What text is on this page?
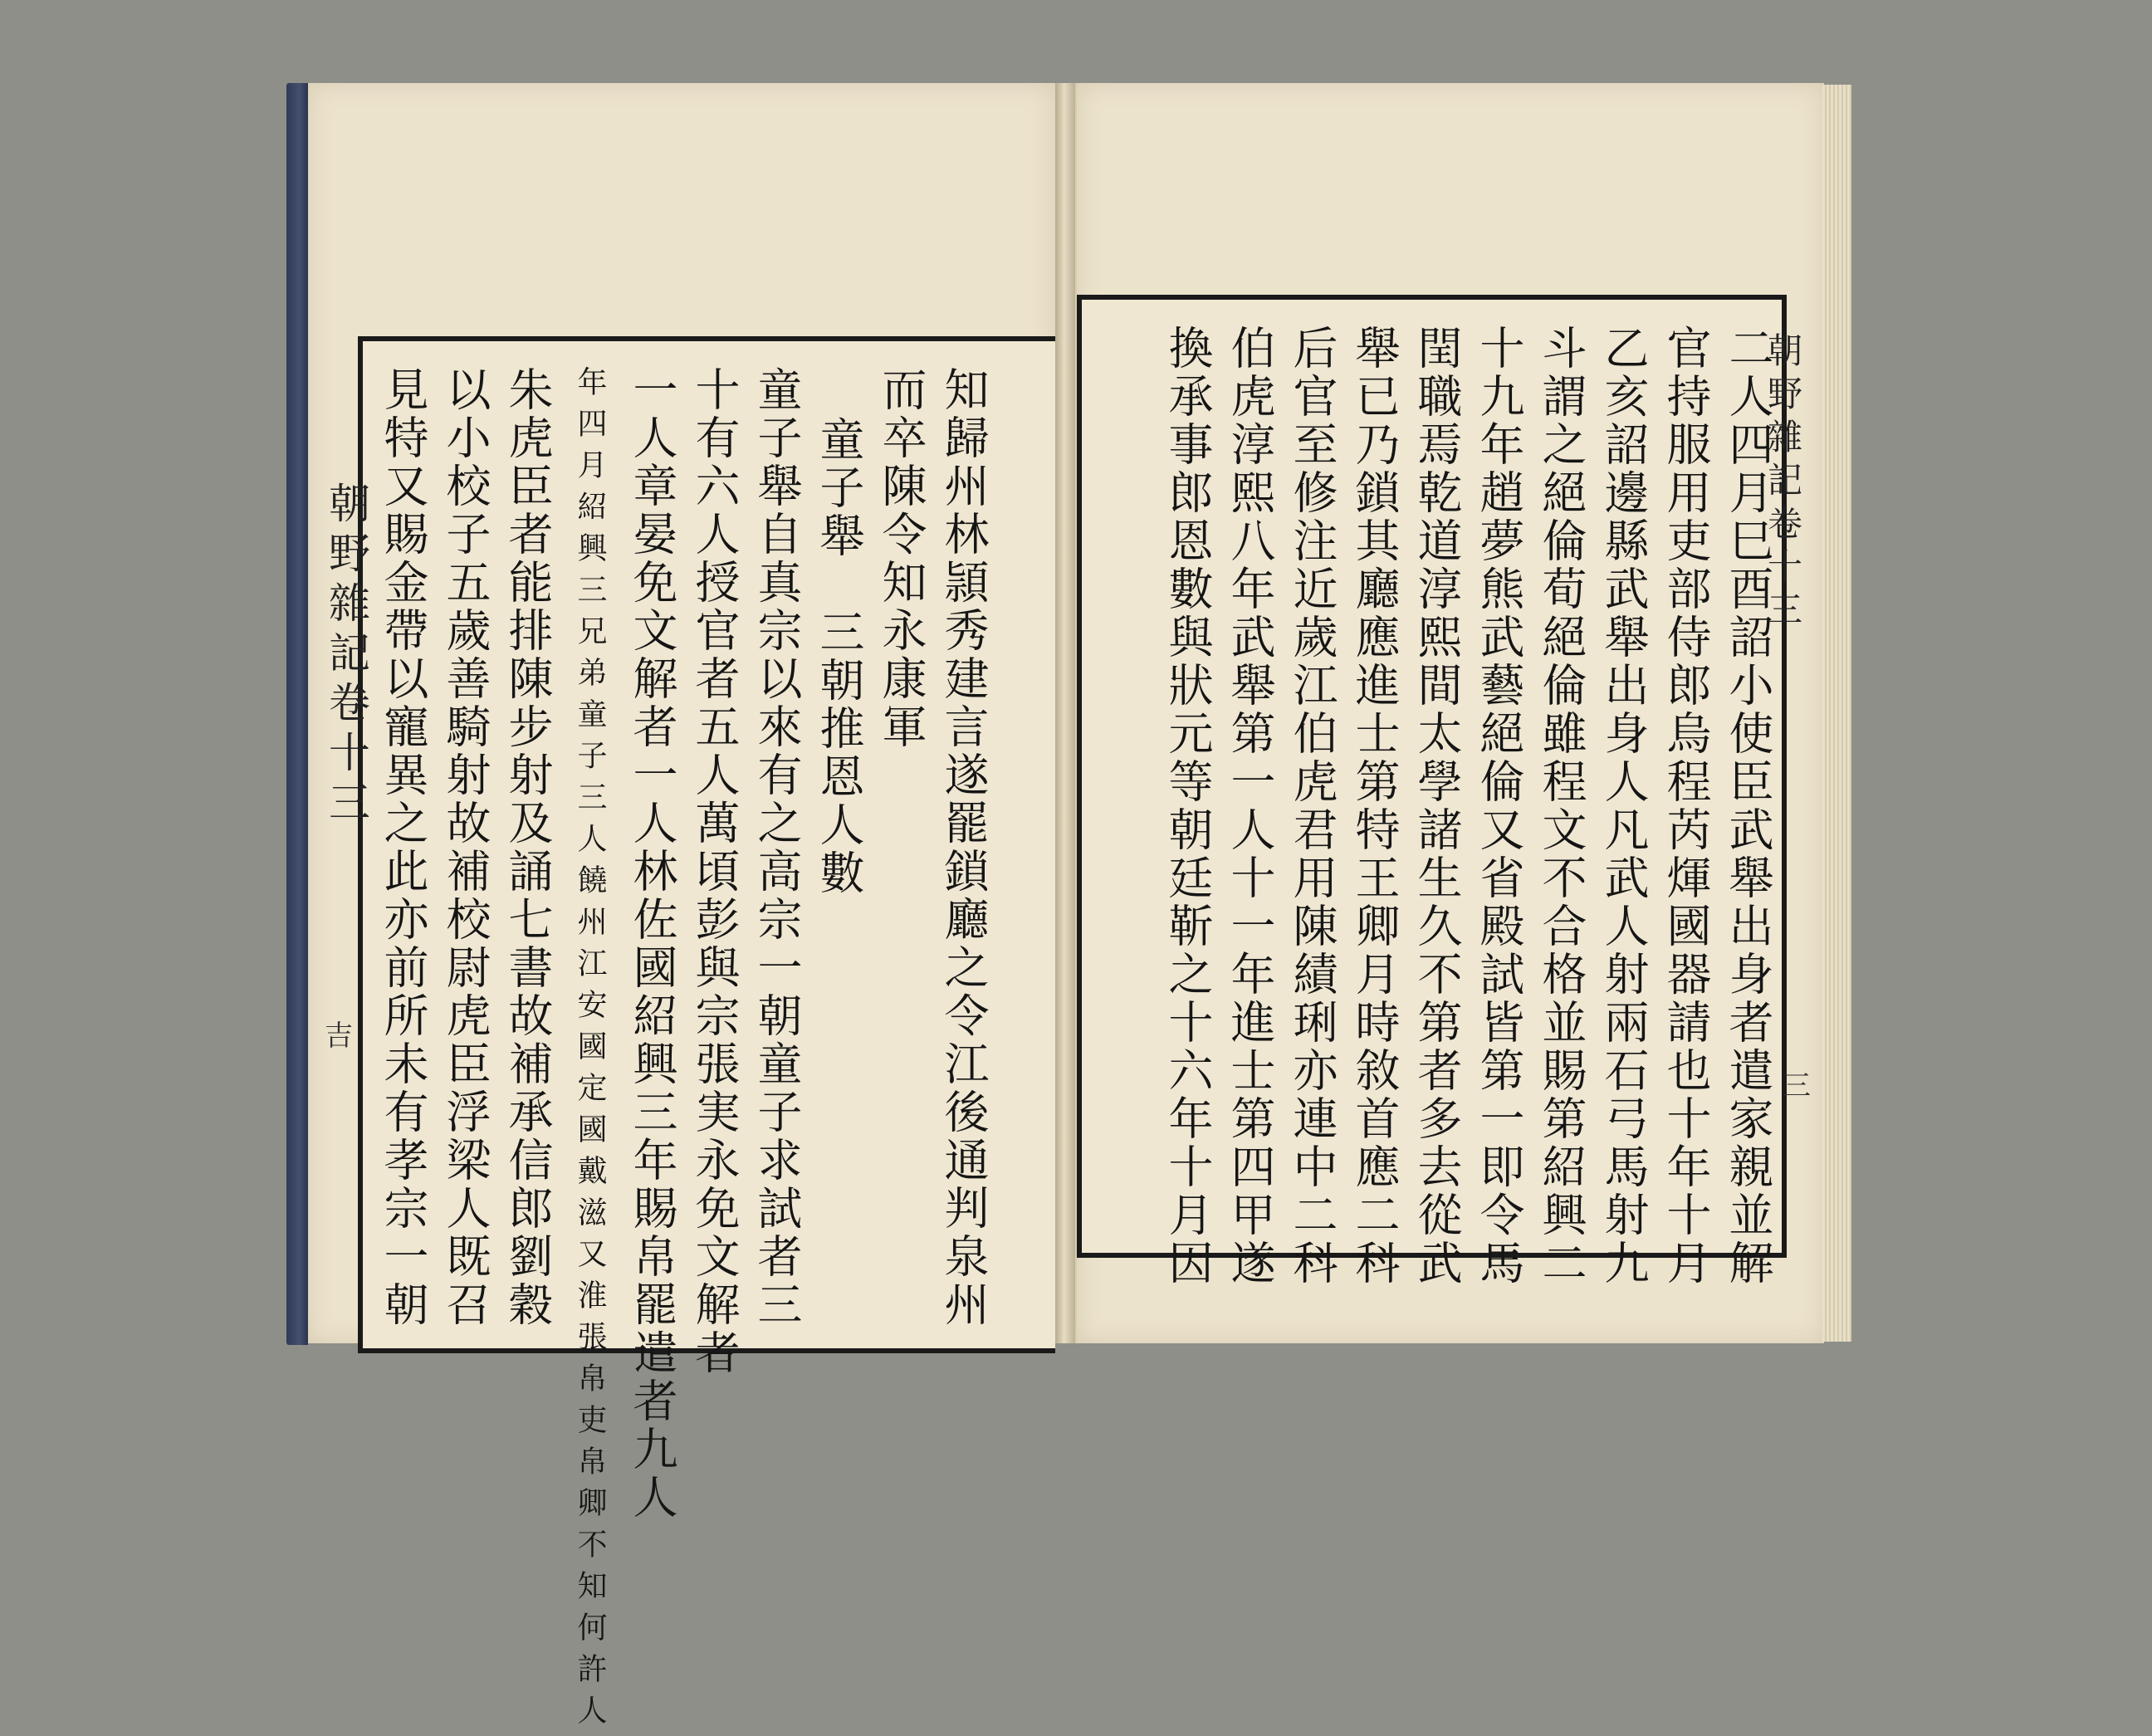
知歸州林頴秀建言遂罷鎖廳之令江後通判泉州
而卒陳令知永康軍
童子舉　三朝推恩人數
童子舉自真宗以來有之高宗一朝童子求試者三
十有六人授官者五人萬頃彭與宗張実永免文解者
一人章晏免文解者一人林佐國紹興三年賜帛罷遣者九人
年四月紹興三兄弟童子三人饒州江安國定國戴滋又淮張帛吏帛卿不知何許人
朱虎臣者能排陳步射及誦七書故補承信郎劉穀
以小校子五歲善騎射故補校尉虎臣浮梁人既召
見特又賜金帶以寵異之此亦前所未有孝宗一朝
朝野雜記卷十三
吉	二人四月巳酉詔小使臣武舉出身者遣家親並解
官持服用吏部侍郎烏程芮煇國器請也十年十月
乙亥詔邊縣武舉出身人凡武人射兩石弓馬射九
斗謂之絕倫荀絕倫雖程文不合格並賜第紹興二
十九年趙夢熊武藝絕倫又省殿試皆第一即令馬
閏職焉乾道淳熙間太學諸生久不第者多去從武
舉已乃鎖其廳應進士第特王卿月時敘首應二科
后官至修注近歲江伯虎君用陳績琍亦連中二科
伯虎淳熙八年武舉第一人十一年進士第四甲遂
換承事郎恩數與狀元等朝廷靳之十六年十月因	朝野雜記卷十三
三
